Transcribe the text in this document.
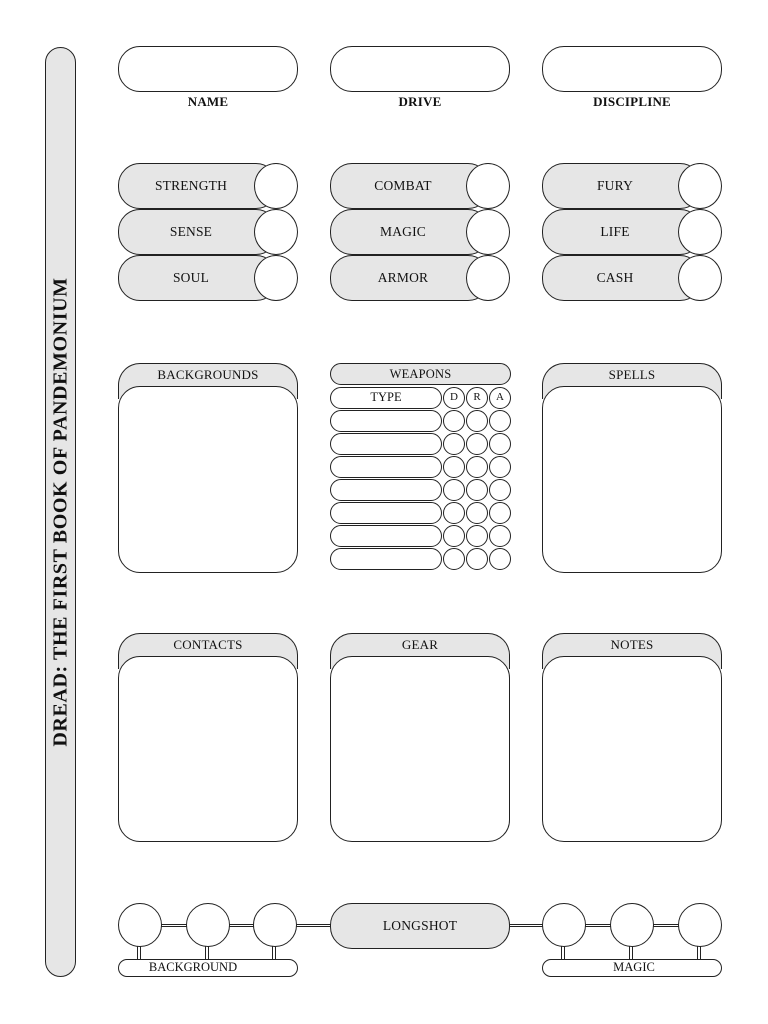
DREAD: THE FIRST BOOK OF PANDEMONIUM
NAME	DRIVE	DISCIPLINE
STRENGTH
SENSE
SOUL
COMBAT
MAGIC
ARMOR
FURY
LIFE
CASH
BACKGROUNDS	WEAPONS
TYPE	D	R	A
SPELLS
CONTACTS	GEAR	NOTES
LONGSHOT
BACKGROUND	MAGIC
